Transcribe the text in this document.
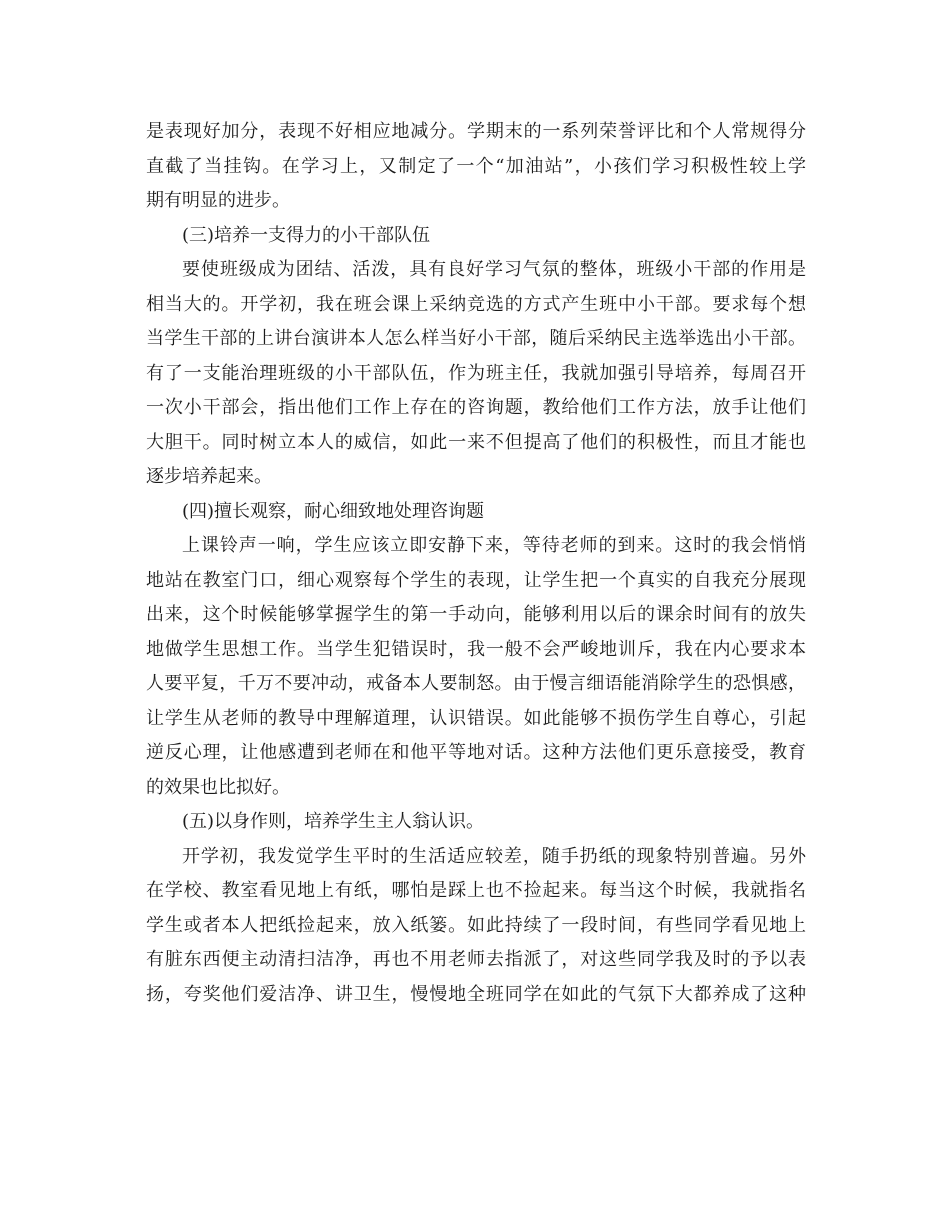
是表现好加分，表现不好相应地减分。学期末的一系列荣誉评比和个人常规得分
直截了当挂钩。在学习上，又制定了一个“加油站”，小孩们学习积极性较上学
期有明显的进步。
(三)培养一支得力的小干部队伍
要使班级成为团结、活泼，具有良好学习气氛的整体，班级小干部的作用是
相当大的。开学初，我在班会课上采纳竞选的方式产生班中小干部。要求每个想
当学生干部的上讲台演讲本人怎么样当好小干部，随后采纳民主选举选出小干部。
有了一支能治理班级的小干部队伍，作为班主任，我就加强引导培养，每周召开
一次小干部会，指出他们工作上存在的咨询题，教给他们工作方法，放手让他们
大胆干。同时树立本人的威信，如此一来不但提高了他们的积极性，而且才能也
逐步培养起来。
(四)擅长观察，耐心细致地处理咨询题
上课铃声一响，学生应该立即安静下来，等待老师的到来。这时的我会悄悄
地站在教室门口，细心观察每个学生的表现，让学生把一个真实的自我充分展现
出来，这个时候能够掌握学生的第一手动向，能够利用以后的课余时间有的放失
地做学生思想工作。当学生犯错误时，我一般不会严峻地训斥，我在内心要求本
人要平复，千万不要冲动，戒备本人要制怒。由于慢言细语能消除学生的恐惧感，
让学生从老师的教导中理解道理，认识错误。如此能够不损伤学生自尊心，引起
逆反心理，让他感遭到老师在和他平等地对话。这种方法他们更乐意接受，教育
的效果也比拟好。
(五)以身作则，培养学生主人翁认识。
开学初，我发觉学生平时的生活适应较差，随手扔纸的现象特别普遍。另外
在学校、教室看见地上有纸，哪怕是踩上也不捡起来。每当这个时候，我就指名
学生或者本人把纸捡起来，放入纸篓。如此持续了一段时间，有些同学看见地上
有脏东西便主动清扫洁净，再也不用老师去指派了，对这些同学我及时的予以表
扬，夸奖他们爱洁净、讲卫生，慢慢地全班同学在如此的气氛下大都养成了这种
